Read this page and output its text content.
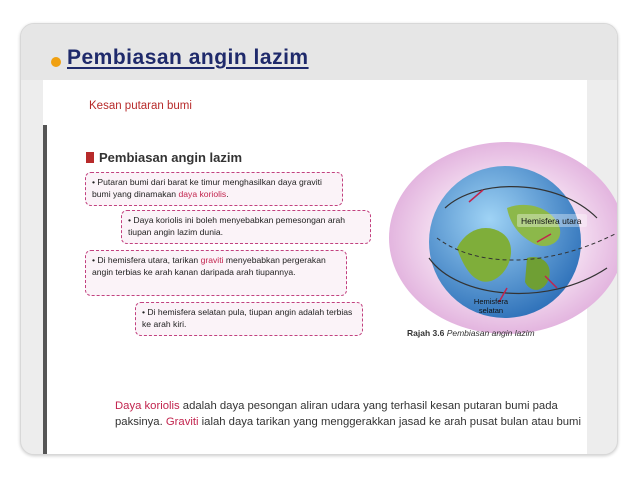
Pembiasan angin lazim
Kesan putaran bumi
Pembiasan angin lazim
• Putaran bumi dari barat ke timur menghasilkan daya graviti bumi yang dinamakan daya koriolis.
• Daya koriolis ini boleh menyebabkan pemesongan arah tiupan angin lazim dunia.
• Di hemisfera utara, tarikan graviti menyebabkan pergerakan angin terbias ke arah kanan daripada arah tiupannya.
• Di hemisfera selatan pula, tiupan angin adalah terbias ke arah kiri.
Hemisfera utara
Hemisfera
selatan
Rajah 3.6 Pembiasan angin lazim
Daya koriolis adalah daya pesongan aliran udara yang terhasil kesan putaran bumi pada paksinya. Graviti ialah daya tarikan yang menggerakkan jasad ke arah pusat bulan atau bumi
